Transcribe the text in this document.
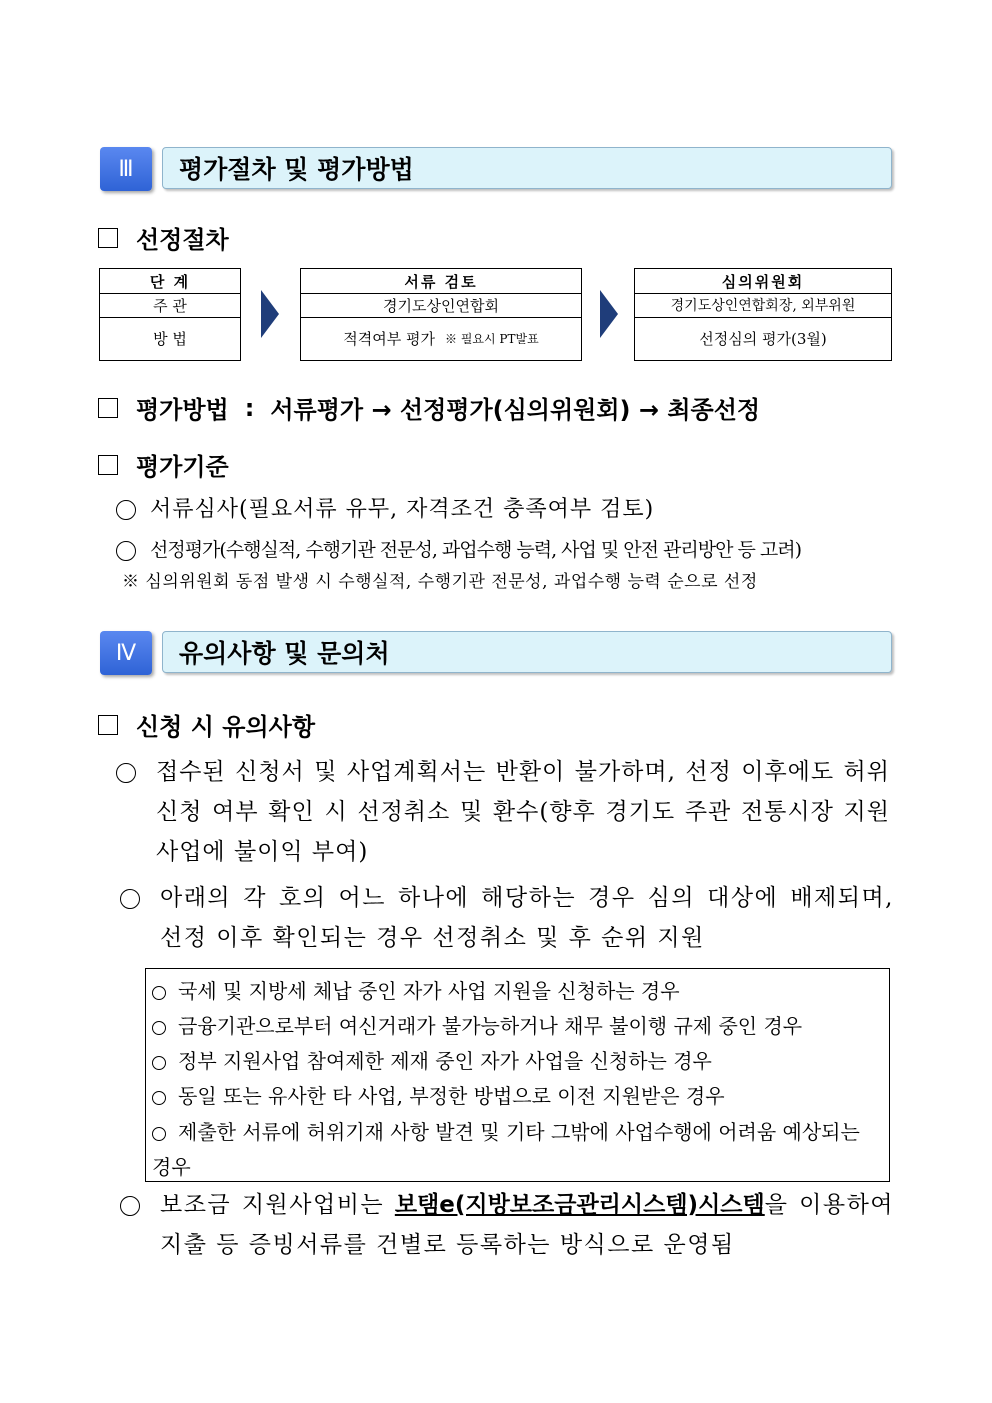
Ⅲ	평가절차 및 평가방법
선정절차
단 계
주 관
방 법
서류 검토
경기도상인연합회
적격여부 평가 ※ 필요시 PT발표
심의위원회
경기도상인연합회장, 외부위원
선정심의 평가(3월)
평가방법 : 서류평가 → 선정평가(심의위원회) → 최종선정
평가기준
서류심사(필요서류 유무, 자격조건 충족여부 검토)
선정평가(수행실적, 수행기관 전문성, 과업수행 능력, 사업 및 안전 관리방안 등 고려)
※ 심의위원회 동점 발생 시 수행실적, 수행기관 전문성, 과업수행 능력 순으로 선정
Ⅳ	유의사항 및 문의처
신청 시 유의사항
접수된 신청서 및 사업계획서는 반환이 불가하며, 선정 이후에도 허위 신청 여부 확인 시 선정취소 및 환수(향후 경기도 주관 전통시장 지원사업에 불이익 부여)
아래의 각 호의 어느 하나에 해당하는 경우 심의 대상에 배제되며, 선정 이후 확인되는 경우 선정취소 및 후 순위 지원
국세 및 지방세 체납 중인 자가 사업 지원을 신청하는 경우
금융기관으로부터 여신거래가 불가능하거나 채무 불이행 규제 중인 경우
정부 지원사업 참여제한 제재 중인 자가 사업을 신청하는 경우
동일 또는 유사한 타 사업, 부정한 방법으로 이전 지원받은 경우
제출한 서류에 허위기재 사항 발견 및 기타 그밖에 사업수행에 어려움 예상되는 경우
보조금 지원사업비는 보탬e(지방보조금관리시스템)시스템을 이용하여 지출 등 증빙서류를 건별로 등록하는 방식으로 운영됨
